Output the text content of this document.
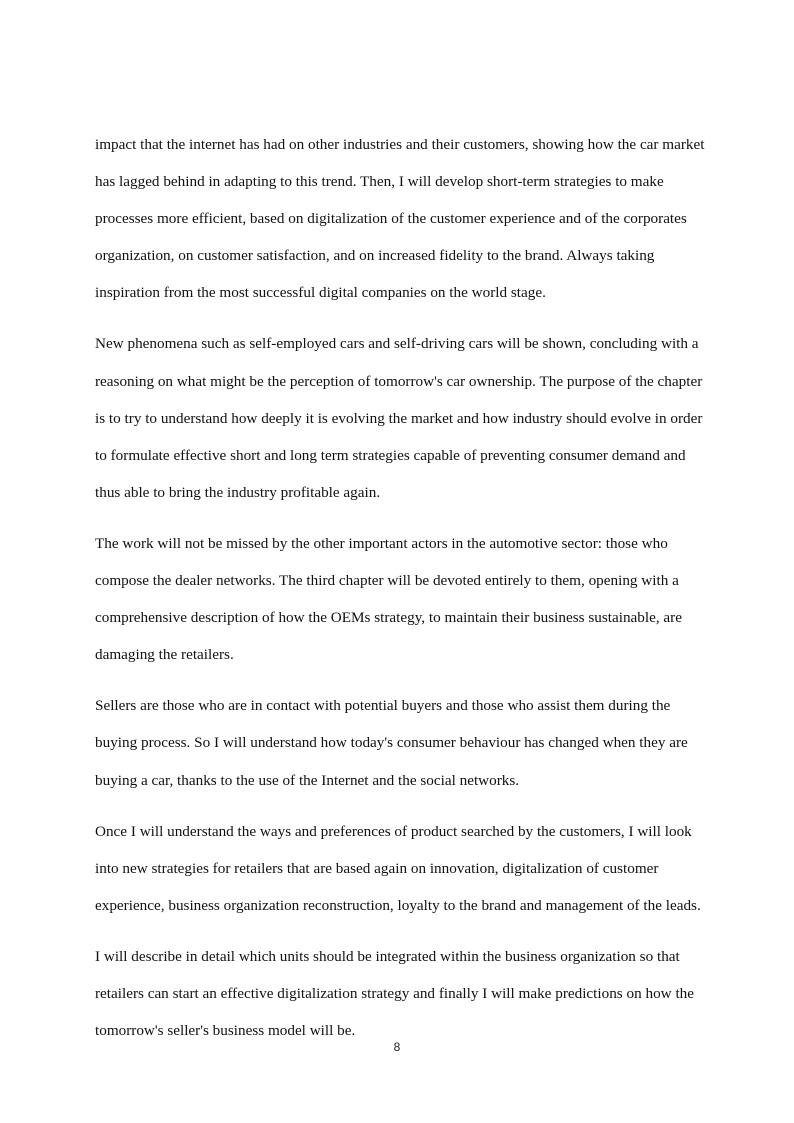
impact that the internet has had on other industries and their customers, showing how the car market has lagged behind in adapting to this trend. Then, I will develop short-term strategies to make processes more efficient, based on digitalization of the customer experience and of the corporates organization, on customer satisfaction, and on increased fidelity to the brand. Always taking inspiration from the most successful digital companies on the world stage.

New phenomena such as self-employed cars and self-driving cars will be shown, concluding with a reasoning on what might be the perception of tomorrow's car ownership. The purpose of the chapter is to try to understand how deeply it is evolving the market and how industry should evolve in order to formulate effective short and long term strategies capable of preventing consumer demand and thus able to bring the industry profitable again.

The work will not be missed by the other important actors in the automotive sector: those who compose the dealer networks. The third chapter will be devoted entirely to them, opening with a comprehensive description of how the OEMs strategy, to maintain their business sustainable, are damaging the retailers.

Sellers are those who are in contact with potential buyers and those who assist them during the buying process. So I will understand how today's consumer behaviour has changed when they are buying a car, thanks to the use of the Internet and the social networks.

Once I will understand the ways and preferences of product searched by the customers, I will look into new strategies for retailers that are based again on innovation, digitalization of customer experience, business organization reconstruction, loyalty to the brand and management of the leads.

I will describe in detail which units should be integrated within the business organization so that retailers can start an effective digitalization strategy and finally I will make predictions on how the tomorrow's seller's business model will be.

8
